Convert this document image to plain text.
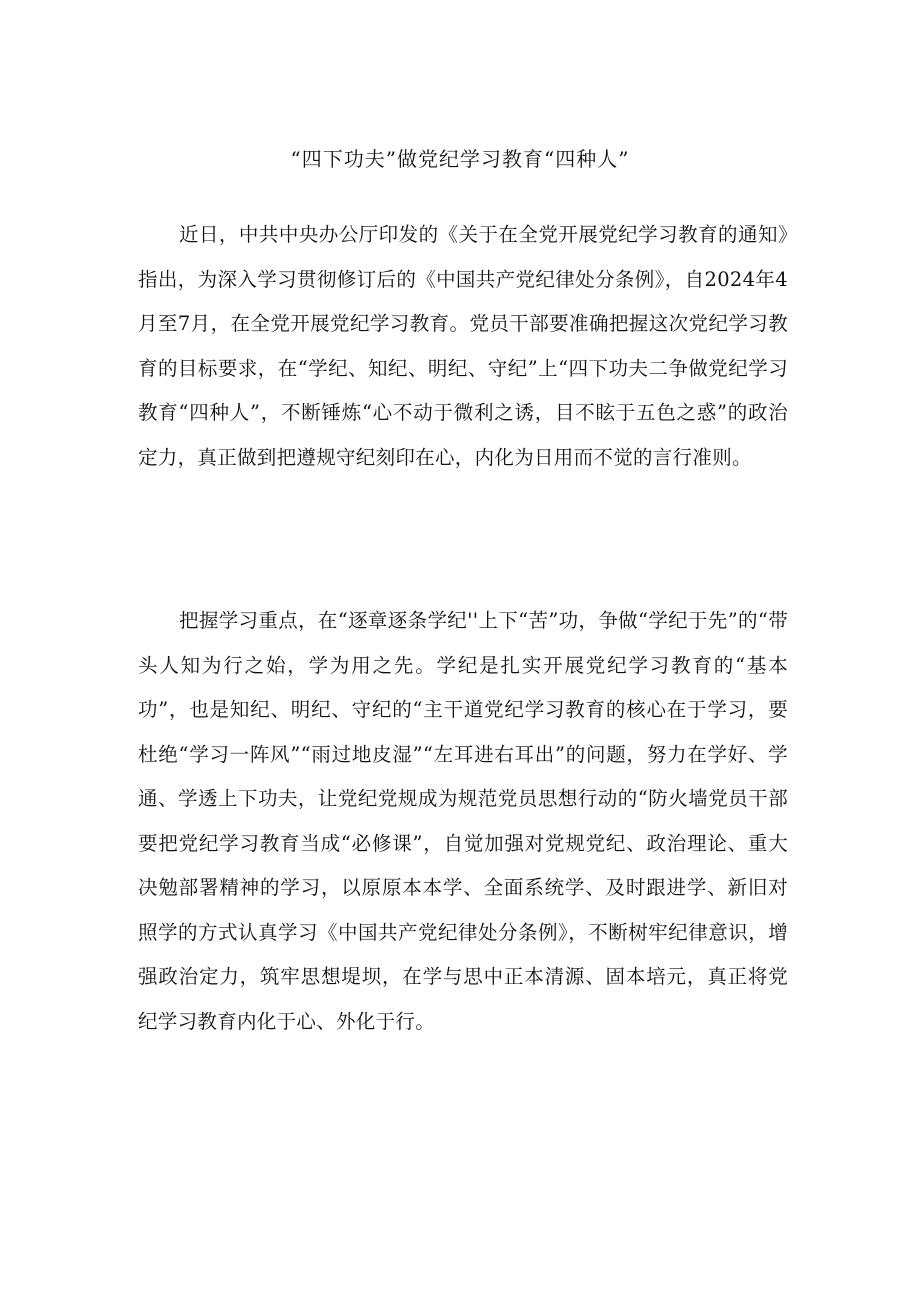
“四下功夫”做党纪学习教育“四种人”

近日，中共中央办公厅印发的《关于在全党开展党纪学习教育的通知》指出，为深入学习贯彻修订后的《中国共产党纪律处分条例》，自2024年4月至7月，在全党开展党纪学习教育。党员干部要准确把握这次党纪学习教育的目标要求，在“学纪、知纪、明纪、守纪”上“四下功夫二争做党纪学习教育“四种人”，不断锤炼“心不动于微利之诱，目不眩于五色之惑”的政治定力，真正做到把遵规守纪刻印在心，内化为日用而不觉的言行准则。

把握学习重点，在“逐章逐条学纪''上下“苦”功，争做“学纪于先”的“带头人知为行之始，学为用之先。学纪是扎实开展党纪学习教育的“基本功”，也是知纪、明纪、守纪的“主干道党纪学习教育的核心在于学习，要杜绝“学习一阵风”“雨过地皮湿”“左耳进右耳出”的问题，努力在学好、学通、学透上下功夫，让党纪党规成为规范党员思想行动的“防火墙党员干部要把党纪学习教育当成“必修课”，自觉加强对党规党纪、政治理论、重大决勉部署精神的学习，以原原本本学、全面系统学、及时跟进学、新旧对照学的方式认真学习《中国共产党纪律处分条例》，不断树牢纪律意识，增强政治定力，筑牢思想堤坝，在学与思中正本清源、固本培元，真正将党纪学习教育内化于心、外化于行。
